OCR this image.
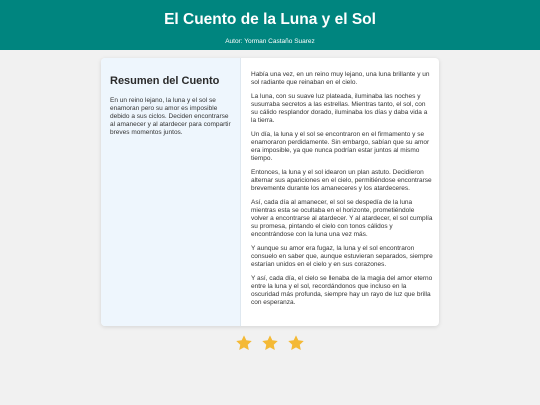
El Cuento de la Luna y el Sol
Autor: Yorman Castaño Suarez
Resumen del Cuento

En un reino lejano, la luna y el sol se enamoran pero su amor es imposible debido a sus ciclos. Deciden encontrarse al amanecer y al atardecer para compartir breves momentos juntos.

Había una vez, en un reino muy lejano, una luna brillante y un sol radiante que reinaban en el cielo.

La luna, con su suave luz plateada, iluminaba las noches y susurraba secretos a las estrellas. Mientras tanto, el sol, con su cálido resplandor dorado, iluminaba los días y daba vida a la tierra.

Un día, la luna y el sol se encontraron en el firmamento y se enamoraron perdidamente. Sin embargo, sabían que su amor era imposible, ya que nunca podrían estar juntos al mismo tiempo.

Entonces, la luna y el sol idearon un plan astuto. Decidieron alternar sus apariciones en el cielo, permitiéndose encontrarse brevemente durante los amaneceres y los atardeceres.

Así, cada día al amanecer, el sol se despedía de la luna mientras esta se ocultaba en el horizonte, prometiéndole volver a encontrarse al atardecer. Y al atardecer, el sol cumplía su promesa, pintando el cielo con tonos cálidos y encontrándose con la luna una vez más.

Y aunque su amor era fugaz, la luna y el sol encontraron consuelo en saber que, aunque estuvieran separados, siempre estarían unidos en el cielo y en sus corazones.

Y así, cada día, el cielo se llenaba de la magia del amor eterno entre la luna y el sol, recordándonos que incluso en la oscuridad más profunda, siempre hay un rayo de luz que brilla con esperanza.
